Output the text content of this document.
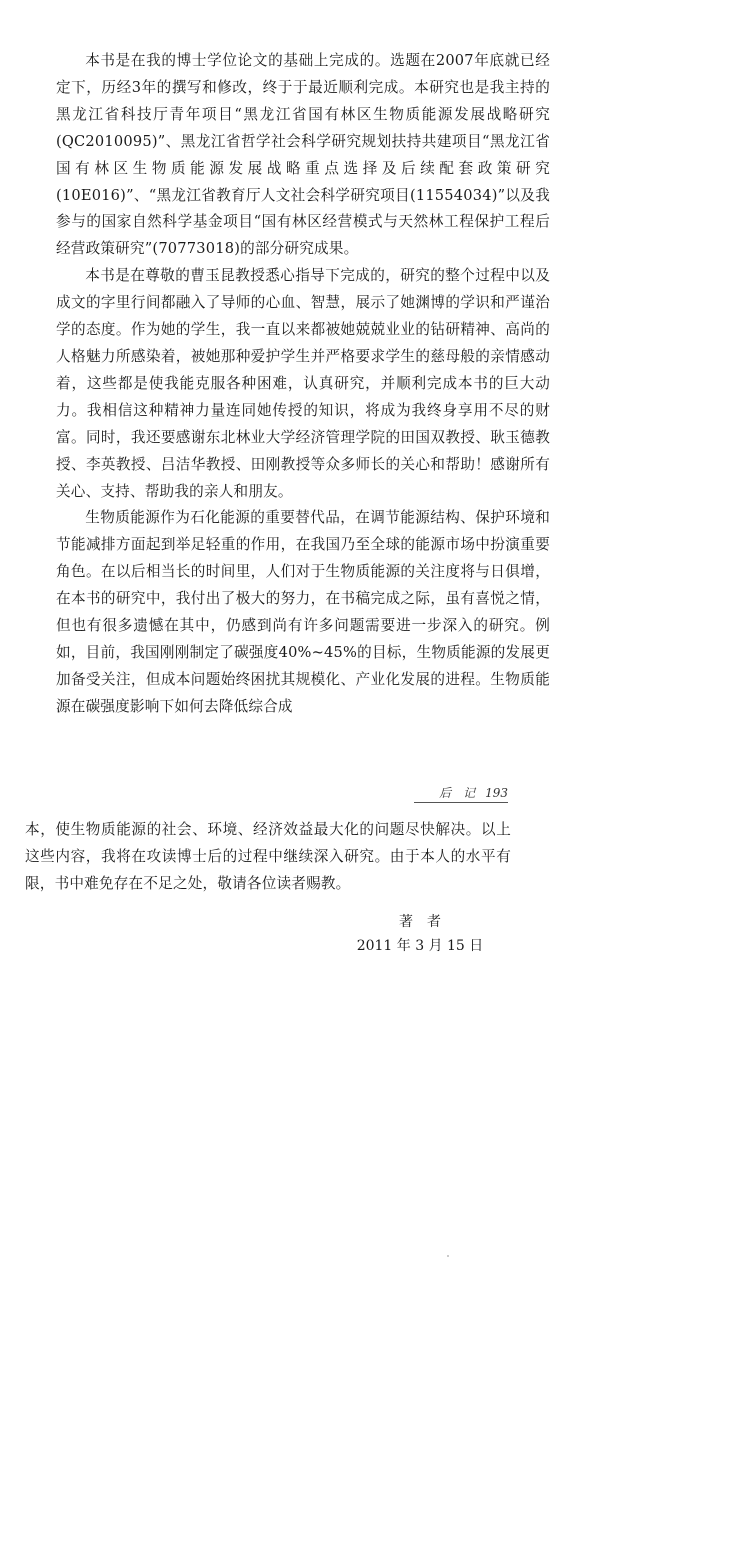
本书是在我的博士学位论文的基础上完成的。选题在2007年底就已经定下，历经3年的撰写和修改，终于于最近顺利完成。本研究也是我主持的黑龙江省科技厅青年项目“黑龙江省国有林区生物质能源发展战略研究(QC2010095)”、黑龙江省哲学社会科学研究规划扶持共建项目“黑龙江省国有林区生物质能源发展战略重点选择及后续配套政策研究(10E016)”、“黑龙江省教育厅人文社会科学研究项目(11554034)”以及我参与的国家自然科学基金项目“国有林区经营模式与天然林工程保护工程后经营政策研究”(70773018)的部分研究成果。

本书是在尊敬的曹玉昆教授悉心指导下完成的，研究的整个过程中以及成文的字里行间都融入了导师的心血、智慧，展示了她渊博的学识和严谨治学的态度。作为她的学生，我一直以来都被她兢兢业业的钻研精神、高尚的人格魅力所感染着，被她那种爱护学生并严格要求学生的慈母般的亲情感动着，这些都是使我能克服各种困难，认真研究，并顺利完成本书的巨大动力。我相信这种精神力量连同她传授的知识，将成为我终身享用不尽的财富。同时，我还要感谢东北林业大学经济管理学院的田国双教授、耿玉德教授、李英教授、吕洁华教授、田刚教授等众多师长的关心和帮助！感谢所有关心、支持、帮助我的亲人和朋友。

生物质能源作为石化能源的重要替代品，在调节能源结构、保护环境和节能减排方面起到举足轻重的作用，在我国乃至全球的能源市场中扮演重要角色。在以后相当长的时间里，人们对于生物质能源的关注度将与日俱增，在本书的研究中，我付出了极大的努力，在书稿完成之际，虽有喜悦之情，但也有很多遗憾在其中，仍感到尚有许多问题需要进一步深入的研究。例如，目前，我国刚刚制定了碳强度40%~45%的目标，生物质能源的发展更加备受关注，但成本问题始终困扰其规模化、产业化发展的进程。生物质能源在碳强度影响下如何去降低综合成

后　记 193

本，使生物质能源的社会、环境、经济效益最大化的问题尽快解决。以上这些内容，我将在攻读博士后的过程中继续深入研究。由于本人的水平有限，书中难免存在不足之处，敬请各位读者赐教。

著　者
2011 年 3 月 15 日
